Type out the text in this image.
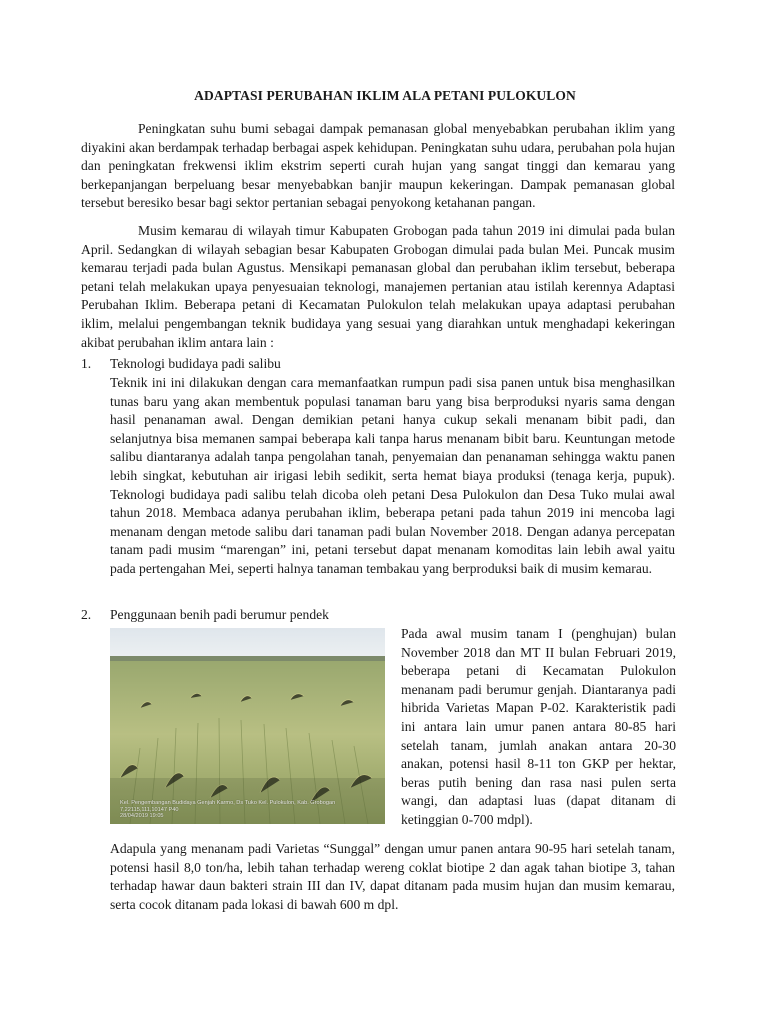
ADAPTASI PERUBAHAN IKLIM ALA PETANI PULOKULON

Peningkatan suhu bumi sebagai dampak pemanasan global menyebabkan perubahan iklim yang diyakini akan berdampak terhadap berbagai aspek kehidupan. Peningkatan suhu udara, perubahan pola hujan dan peningkatan frekwensi iklim ekstrim seperti curah hujan yang sangat tinggi dan kemarau yang berkepanjangan berpeluang besar menyebabkan banjir maupun kekeringan. Dampak pemanasan global tersebut beresiko besar bagi sektor pertanian sebagai penyokong ketahanan pangan.

Musim kemarau di wilayah timur Kabupaten Grobogan pada tahun 2019 ini dimulai pada bulan April. Sedangkan di wilayah sebagian besar Kabupaten Grobogan dimulai pada bulan Mei. Puncak musim kemarau terjadi pada bulan Agustus. Mensikapi pemanasan global dan perubahan iklim tersebut, beberapa petani telah melakukan upaya penyesuaian teknologi, manajemen pertanian atau istilah kerennya Adaptasi Perubahan Iklim. Beberapa petani di Kecamatan Pulokulon telah melakukan upaya adaptasi perubahan iklim, melalui pengembangan teknik budidaya yang sesuai yang diarahkan untuk menghadapi kekeringan akibat perubahan iklim antara lain :

1. Teknologi budidaya padi salibu

Teknik ini ini dilakukan dengan cara memanfaatkan rumpun padi sisa panen untuk bisa menghasilkan tunas baru yang akan membentuk populasi tanaman baru yang bisa berproduksi nyaris sama dengan hasil penanaman awal. Dengan demikian petani hanya cukup sekali menanam bibit padi, dan selanjutnya bisa memanen sampai beberapa kali tanpa harus menanam bibit baru. Keuntungan metode salibu diantaranya adalah tanpa pengolahan tanah, penyemaian dan penanaman sehingga waktu panen lebih singkat, kebutuhan air irigasi lebih sedikit, serta hemat biaya produksi (tenaga kerja, pupuk). Teknologi budidaya padi salibu telah dicoba oleh petani Desa Pulokulon dan Desa Tuko mulai awal tahun 2018. Membaca adanya perubahan iklim, beberapa petani pada tahun 2019 ini mencoba lagi menanam dengan metode salibu dari tanaman padi bulan November 2018. Dengan adanya percepatan tanam padi musim “marengan” ini, petani tersebut dapat menanam komoditas lain lebih awal yaitu pada pertengahan Mei, seperti halnya tanaman tembakau yang berproduksi baik di musim kemarau.

2. Penggunaan benih padi berumur pendek
Kel. Pengembangan Budidaya Genjah Karmo, Ds Tuko Kel. Pulokulon, Kab. Grobogan
7,22115,111,10147 P40
28/04/2019 19:05

Pada awal musim tanam I (penghujan) bulan November 2018 dan MT II bulan Februari 2019, beberapa petani di Kecamatan Pulokulon menanam padi berumur genjah. Diantaranya padi hibrida Varietas Mapan P-02. Karakteristik padi ini antara lain umur panen antara 80-85 hari setelah tanam, jumlah anakan antara 20-30 anakan, potensi hasil 8-11 ton GKP per hektar, beras putih bening dan rasa nasi pulen serta wangi, dan adaptasi luas (dapat ditanam di ketinggian 0-700 mdpl).

Adapula yang menanam padi Varietas “Sunggal” dengan umur panen antara 90-95 hari setelah tanam, potensi hasil 8,0 ton/ha, lebih tahan terhadap wereng coklat biotipe 2 dan agak tahan biotipe 3, tahan terhadap hawar daun bakteri strain III dan IV, dapat ditanam pada musim hujan dan musim kemarau, serta cocok ditanam pada lokasi di bawah 600 m dpl.
